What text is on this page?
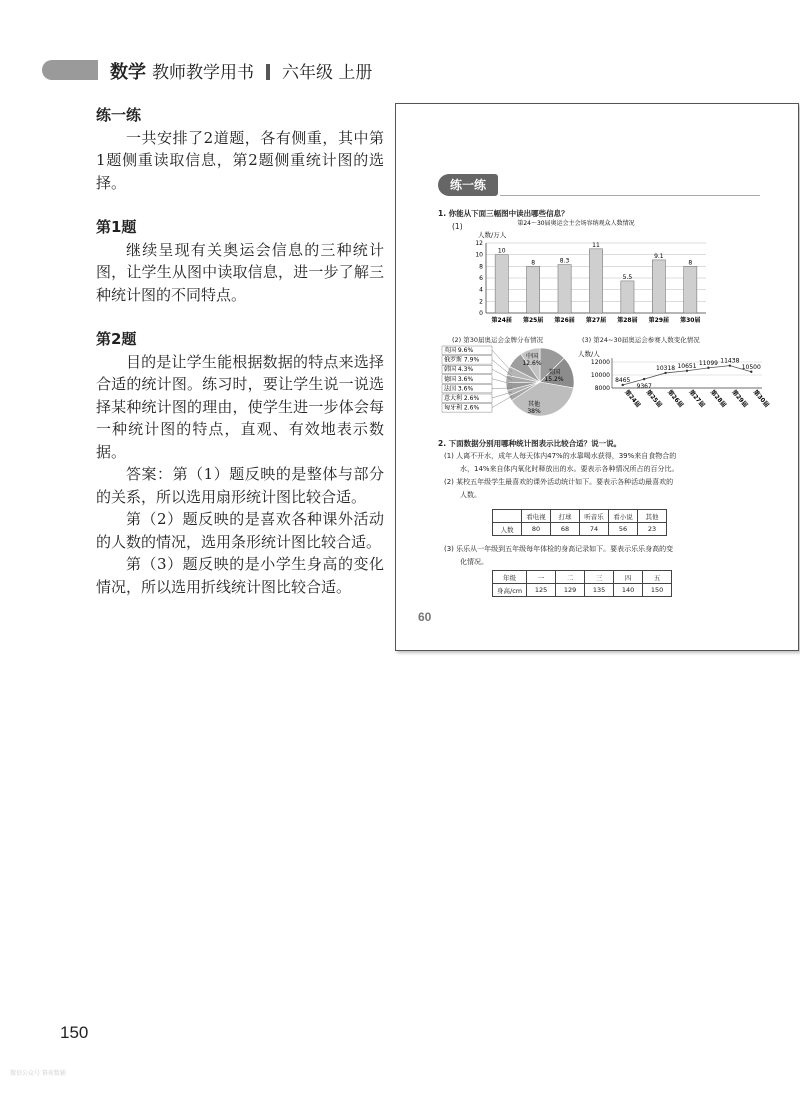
数学 教师教学用书 六年级 上册
练一练

一共安排了2道题，各有侧重，其中第1题侧重读取信息，第2题侧重统计图的选择。

第1题

继续呈现有关奥运会信息的三种统计图，让学生从图中读取信息，进一步了解三种统计图的不同特点。

第2题

目的是让学生能根据数据的特点来选择合适的统计图。练习时，要让学生说一说选择某种统计图的理由，使学生进一步体会每一种统计图的特点，直观、有效地表示数据。

答案：第（1）题反映的是整体与部分的关系，所以选用扇形统计图比较合适。

第（2）题反映的是喜欢各种课外活动的人数的情况，选用条形统计图比较合适。

第（3）题反映的是小学生身高的变化情况，所以选用折线统计图比较合适。

150
微信公众号 幕荷数辅
练一练
1. 你能从下面三幅图中读出哪些信息？
(1)	第24～30届奥运会主会场容纳观众人数情况
人数/万人
0
2
4
6
8
10
12
10
第24届
8
第25届
8.3
第26届
11
第27届
5.5
第28届
9.1
第29届
8
第30届
(2) 第30届奥运会金牌分布情况	(3) 第24~30届奥运会参赛人数变化情况
中国
12.6%
美国
15.2%
其他
38%
英国 9.6%
俄罗斯 7.9%
韩国 4.3%
德国 3.6%
法国 3.6%
意大利 2.6%
匈牙利 2.6%
人数/人
8000
10000
12000
8465
第24届
9367
第25届
10318
第26届
10651
第27届
11099
第28届
11438
第29届
10500
第30届
2. 下面数据分别用哪种统计图表示比较合适？说一说。
(1) 人离不开水，成年人每天体内47%的水靠喝水获得，39%来自食物合的
水，14%来自体内氧化时释放出的水。要表示各种情况所占的百分比。
(2) 某校五年级学生最喜欢的课外活动统计如下。要表示各种活动最喜欢的
人数。
	看电视	打球	听音乐	看小说	其他
人数	80	68	74	56	23
(3) 乐乐从一年级到五年级每年体检的身高记录如下。要表示乐乐身高的变
化情况。
年级	一	二	三	四	五
身高/cm	125	129	135	140	150
60
